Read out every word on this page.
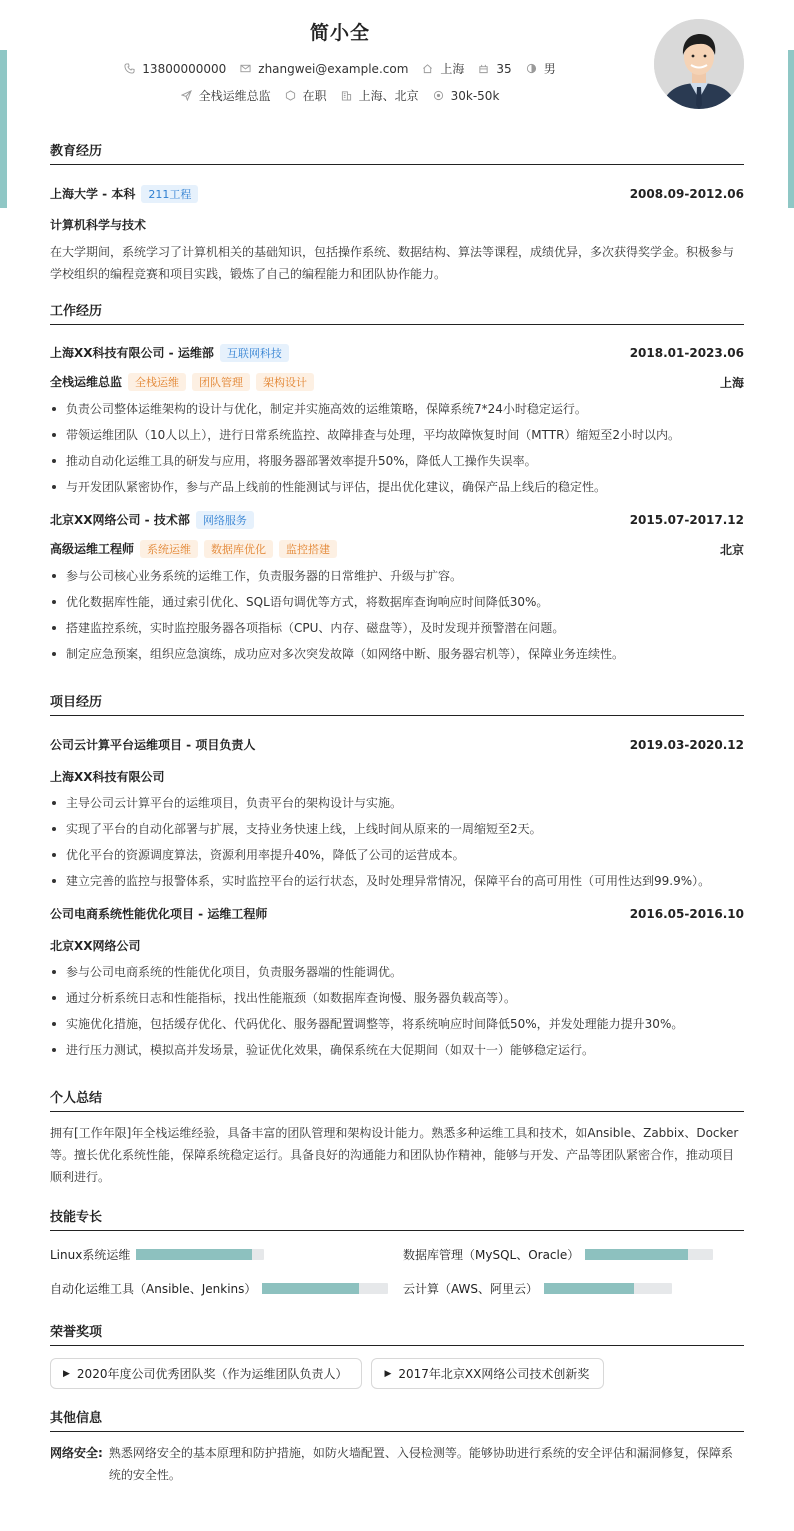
简小全
13800000000	zhangwei@example.com	上海	35	男
全栈运维总监	在职	上海、北京	30k-50k
教育经历
上海大学 - 本科 211工程	2008.09-2012.06
计算机科学与技术
在大学期间，系统学习了计算机相关的基础知识，包括操作系统、数据结构、算法等课程，成绩优异，多次获得奖学金。积极参与学校组织的编程竞赛和项目实践，锻炼了自己的编程能力和团队协作能力。
工作经历
上海XX科技有限公司 - 运维部 互联网科技	2018.01-2023.06
全栈运维总监 全栈运维 团队管理 架构设计	上海
负责公司整体运维架构的设计与优化，制定并实施高效的运维策略，保障系统7*24小时稳定运行。
带领运维团队（10人以上），进行日常系统监控、故障排查与处理，平均故障恢复时间（MTTR）缩短至2小时以内。
推动自动化运维工具的研发与应用，将服务器部署效率提升50%，降低人工操作失误率。
与开发团队紧密协作，参与产品上线前的性能测试与评估，提出优化建议，确保产品上线后的稳定性。
北京XX网络公司 - 技术部 网络服务	2015.07-2017.12
高级运维工程师 系统运维 数据库优化 监控搭建	北京
参与公司核心业务系统的运维工作，负责服务器的日常维护、升级与扩容。
优化数据库性能，通过索引优化、SQL语句调优等方式，将数据库查询响应时间降低30%。
搭建监控系统，实时监控服务器各项指标（CPU、内存、磁盘等），及时发现并预警潜在问题。
制定应急预案，组织应急演练，成功应对多次突发故障（如网络中断、服务器宕机等），保障业务连续性。
项目经历
公司云计算平台运维项目 - 项目负责人	2019.03-2020.12
上海XX科技有限公司
主导公司云计算平台的运维项目，负责平台的架构设计与实施。
实现了平台的自动化部署与扩展，支持业务快速上线，上线时间从原来的一周缩短至2天。
优化平台的资源调度算法，资源利用率提升40%，降低了公司的运营成本。
建立完善的监控与报警体系，实时监控平台的运行状态，及时处理异常情况，保障平台的高可用性（可用性达到99.9%）。
公司电商系统性能优化项目 - 运维工程师	2016.05-2016.10
北京XX网络公司
参与公司电商系统的性能优化项目，负责服务器端的性能调优。
通过分析系统日志和性能指标，找出性能瓶颈（如数据库查询慢、服务器负载高等）。
实施优化措施，包括缓存优化、代码优化、服务器配置调整等，将系统响应时间降低50%，并发处理能力提升30%。
进行压力测试，模拟高并发场景，验证优化效果，确保系统在大促期间（如双十一）能够稳定运行。
个人总结
拥有[工作年限]年全栈运维经验，具备丰富的团队管理和架构设计能力。熟悉多种运维工具和技术，如Ansible、Zabbix、Docker等。擅长优化系统性能，保障系统稳定运行。具备良好的沟通能力和团队协作精神，能够与开发、产品等团队紧密合作，推动项目顺利进行。
技能专长
Linux系统运维	数据库管理（MySQL、Oracle）
自动化运维工具（Ansible、Jenkins）	云计算（AWS、阿里云）
荣誉奖项
▶ 2020年度公司优秀团队奖（作为运维团队负责人）	▶ 2017年北京XX网络公司技术创新奖
其他信息
网络安全: 熟悉网络安全的基本原理和防护措施，如防火墙配置、入侵检测等。能够协助进行系统的安全评估和漏洞修复，保障系统的安全性。
